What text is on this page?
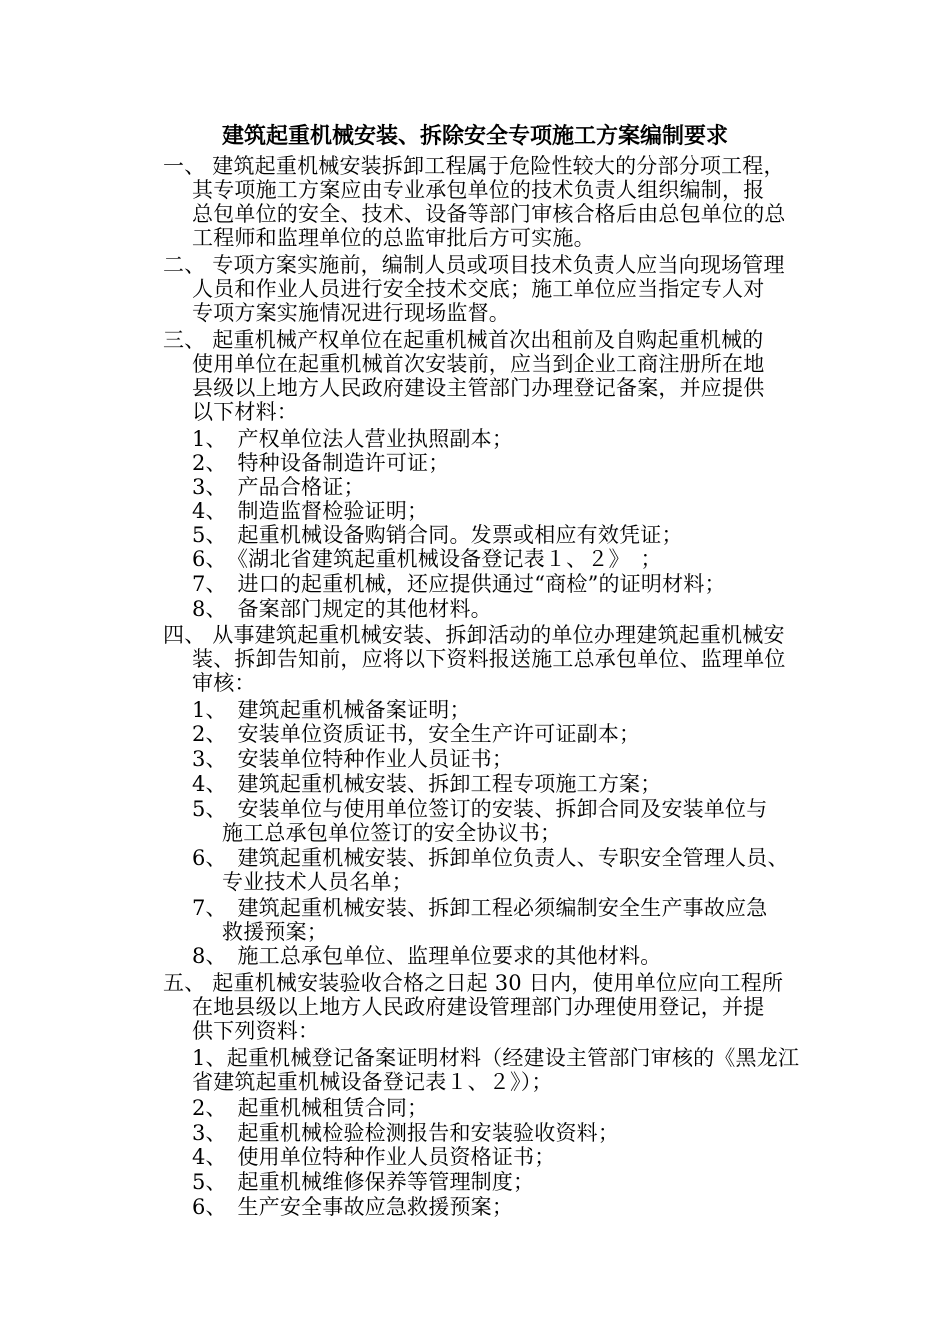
建筑起重机械安装、拆除安全专项施工方案编制要求
一、 建筑起重机械安装拆卸工程属于危险性较大的分部分项工程，
其专项施工方案应由专业承包单位的技术负责人组织编制，报
总包单位的安全、技术、设备等部门审核合格后由总包单位的总
工程师和监理单位的总监审批后方可实施。
二、 专项方案实施前，编制人员或项目技术负责人应当向现场管理
人员和作业人员进行安全技术交底；施工单位应当指定专人对
专项方案实施情况进行现场监督。
三、 起重机械产权单位在起重机械首次出租前及自购起重机械的
使用单位在起重机械首次安装前，应当到企业工商注册所在地
县级以上地方人民政府建设主管部门办理登记备案，并应提供
以下材料：
1、　产权单位法人营业执照副本；
2、　特种设备制造许可证；
3、　产品合格证；
4、　制造监督检验证明；
5、　起重机械设备购销合同。发票或相应有效凭证；
6、　《湖北省建筑起重机械设备登记表１、２》　；
7、　进口的起重机械，还应提供通过“商检”的证明材料；
8、　备案部门规定的其他材料。
四、 从事建筑起重机械安装、拆卸活动的单位办理建筑起重机械安
装、拆卸告知前，应将以下资料报送施工总承包单位、监理单位
审核：
1、　建筑起重机械备案证明；
2、　安装单位资质证书，安全生产许可证副本；
3、　安装单位特种作业人员证书；
4、　建筑起重机械安装、拆卸工程专项施工方案；
5、　安装单位与使用单位签订的安装、拆卸合同及安装单位与
施工总承包单位签订的安全协议书；
6、　建筑起重机械安装、拆卸单位负责人、专职安全管理人员、
专业技术人员名单；
7、　建筑起重机械安装、拆卸工程必须编制安全生产事故应急
救援预案；
8、　施工总承包单位、监理单位要求的其他材料。
五、 起重机械安装验收合格之日起 30 日内，使用单位应向工程所
在地县级以上地方人民政府建设管理部门办理使用登记，并提
供下列资料：
1、起重机械登记备案证明材料（经建设主管部门审核的《黑龙江
省建筑起重机械设备登记表１、２》）；
2、　起重机械租赁合同；
3、　起重机械检验检测报告和安装验收资料；
4、　使用单位特种作业人员资格证书；
5、　起重机械维修保养等管理制度；
6、　生产安全事故应急救援预案；
